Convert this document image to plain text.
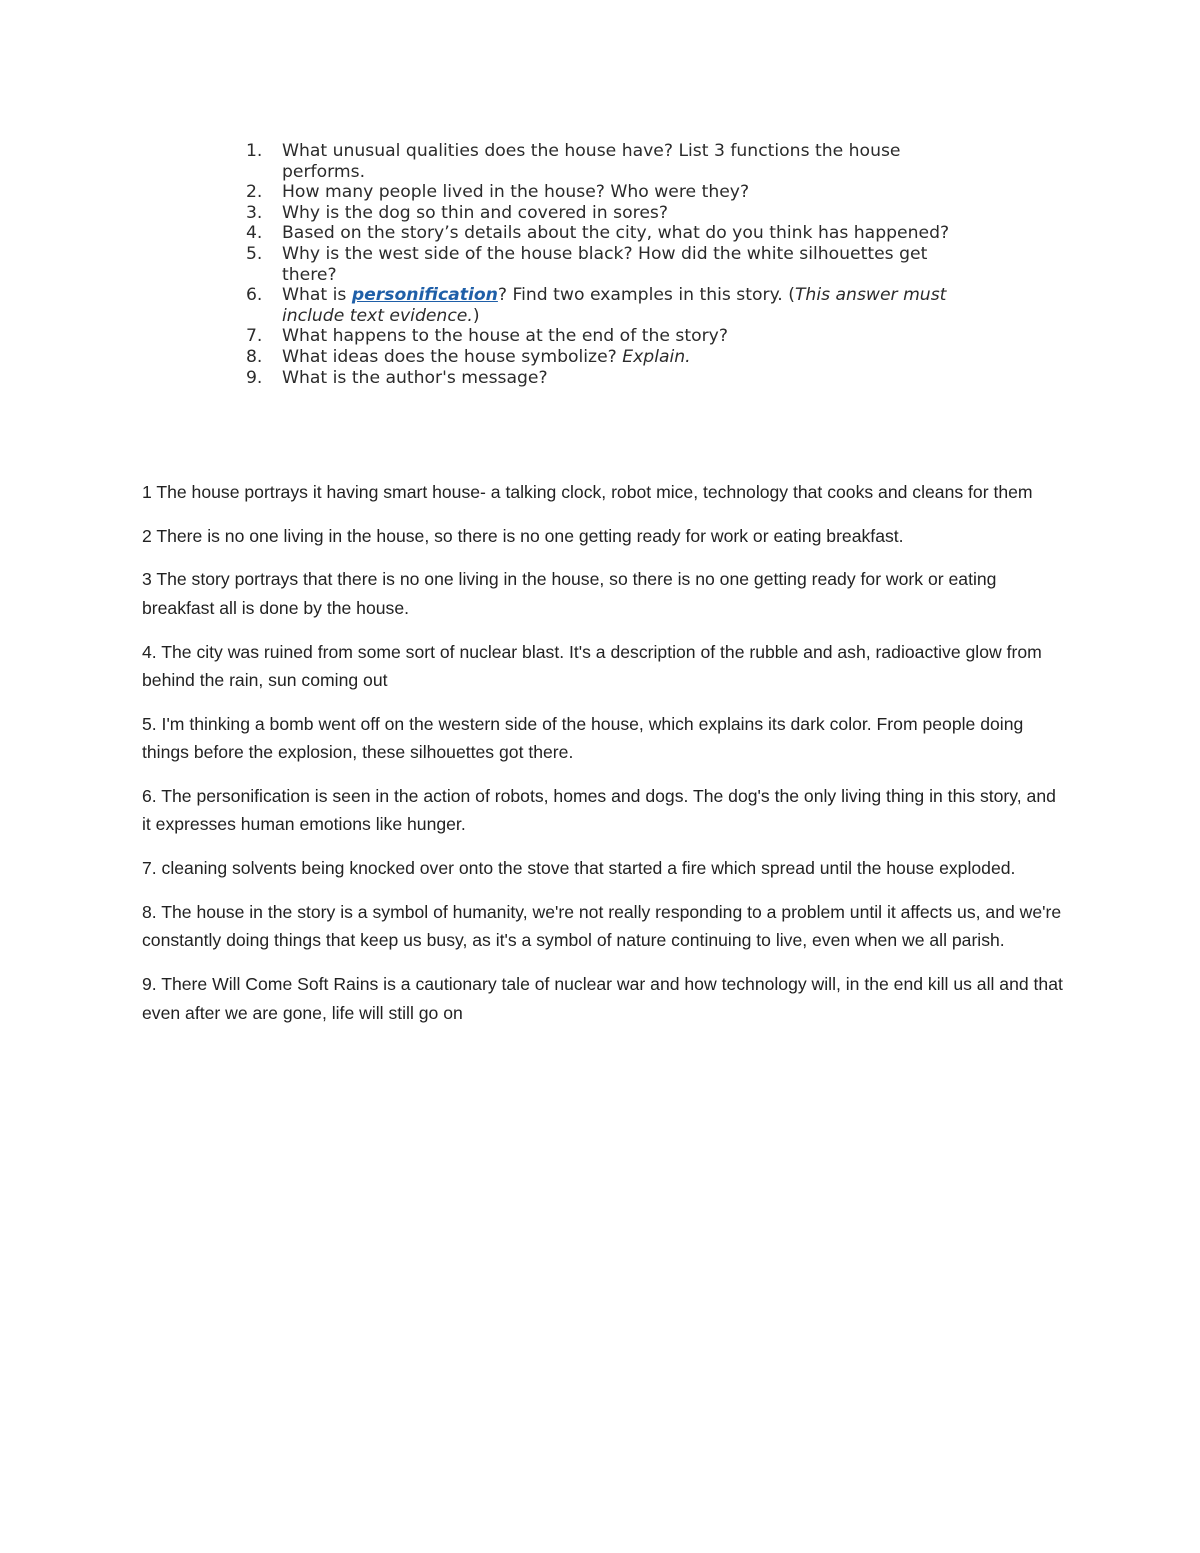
1.	What unusual qualities does the house have? List 3 functions the house performs.
2.	How many people lived in the house? Who were they?
3.	Why is the dog so thin and covered in sores?
4.	Based on the story’s details about the city, what do you think has happened?
5.	Why is the west side of the house black? How did the white silhouettes get there?
6.	What is personification? Find two examples in this story. (This answer must include text evidence.)
7.	What happens to the house at the end of the story?
8.	What ideas does the house symbolize? Explain.
9.	What is the author's message?

1 The house portrays it having smart house- a talking clock, robot mice, technology that cooks and cleans for them

2 There is no one living in the house, so there is no one getting ready for work or eating breakfast.

3 The story portrays that there is no one living in the house, so there is no one getting ready for work or eating breakfast all is done by the house.

4. The city was ruined from some sort of nuclear blast. It's a description of the rubble and ash, radioactive glow from behind the rain, sun coming out

5. I'm thinking a bomb went off on the western side of the house, which explains its dark color. From people doing things before the explosion, these silhouettes got there.

6. The personification is seen in the action of robots, homes and dogs. The dog's the only living thing in this story, and it expresses human emotions like hunger.

7. cleaning solvents being knocked over onto the stove that started a fire which spread until the house exploded.

8. The house in the story is a symbol of humanity, we're not really responding to a problem until it affects us, and we're constantly doing things that keep us busy, as it's a symbol of nature continuing to live, even when we all parish.

9. There Will Come Soft Rains is a cautionary tale of nuclear war and how technology will, in the end kill us all and that even after we are gone, life will still go on
